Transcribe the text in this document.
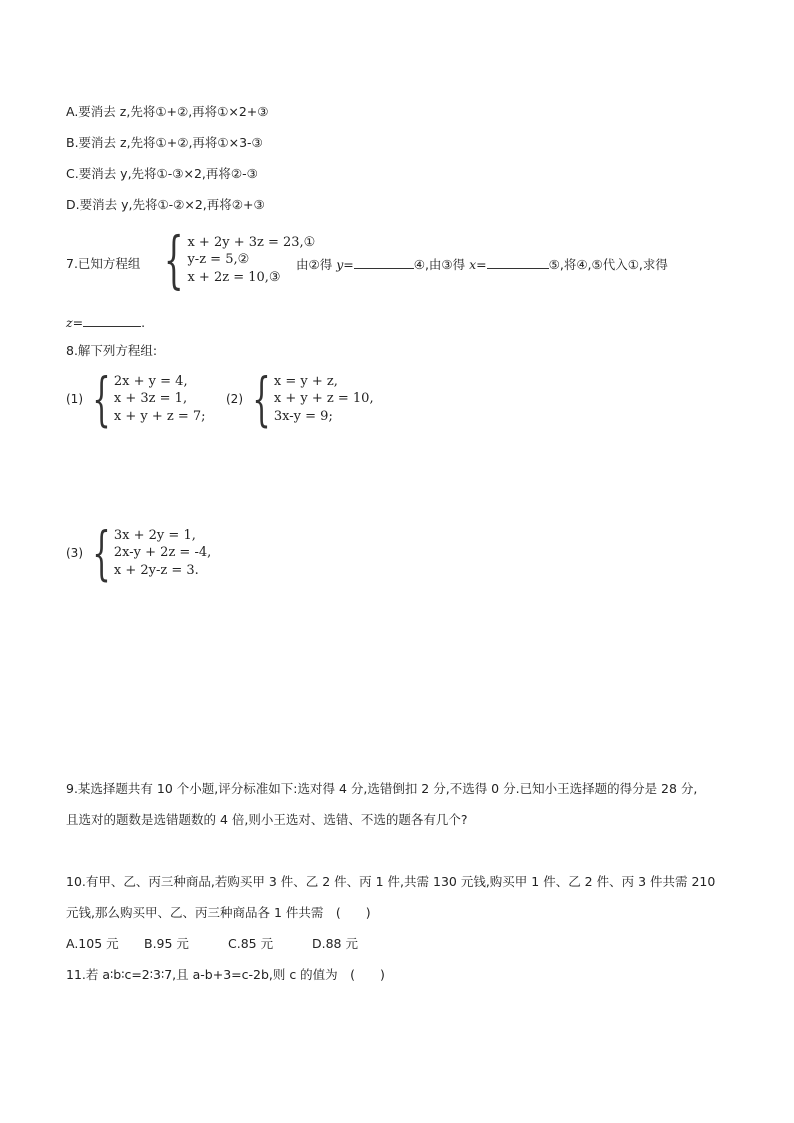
A.要消去 z,先将①+②,再将①×2+③
B.要消去 z,先将①+②,再将①×3-③
C.要消去 y,先将①-③×2,再将②-③
D.要消去 y,先将①-②×2,再将②+③
7.已知方程组 { x + 2y + 3z = 23,①
y-z = 5,②
x + 2z = 10,③
由②得 y=	④,由③得 x=	⑤,将④,⑤代入①,求得
z=	.
8.解下列方程组:
(1) { 2x + y = 4,
x + 3z = 1,
x + y + z = 7;
(2) { x = y + z,
x + y + z = 10,
3x-y = 9;
(3) { 3x + 2y = 1,
2x-y + 2z = -4,
x + 2y-z = 3.
9.某选择题共有 10 个小题,评分标准如下:选对得 4 分,选错倒扣 2 分,不选得 0 分.已知小王选择题的得分是 28 分,
且选对的题数是选错题数的 4 倍,则小王选对、选错、不选的题各有几个?
10.有甲、乙、丙三种商品,若购买甲 3 件、乙 2 件、丙 1 件,共需 130 元钱,购买甲 1 件、乙 2 件、丙 3 件共需 210
元钱,那么购买甲、乙、丙三种商品各 1 件共需　(　　)
A.105 元 B.95 元	C.85 元	D.88 元
11.若 a∶b∶c=2∶3∶7,且 a-b+3=c-2b,则 c 的值为　(　　)
